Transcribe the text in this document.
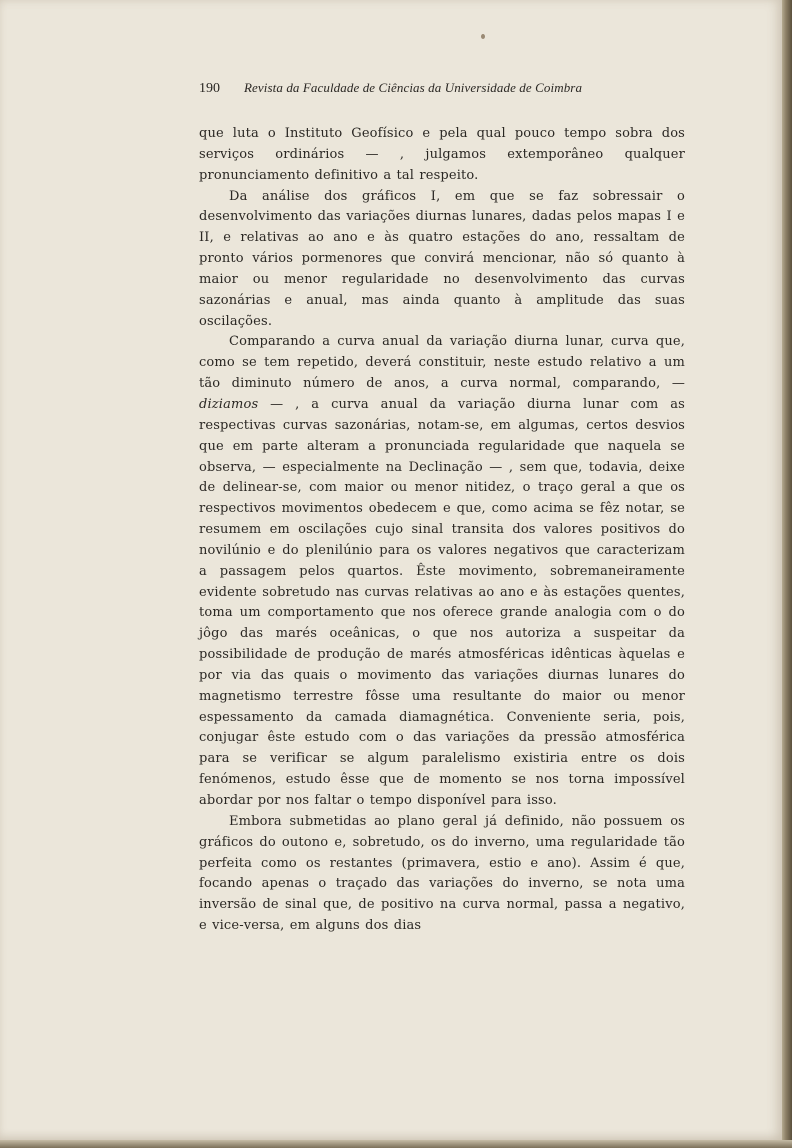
190 Revista da Faculdade de Ciências da Universidade de Coimbra

que luta o Instituto Geofísico e pela qual pouco tempo sobra dos serviços ordinários — , julgamos extemporâneo qualquer pronunciamento definitivo a tal respeito.

Da análise dos gráficos I, em que se faz sobressair o desenvolvimento das variações diurnas lunares, dadas pelos mapas I e II, e relativas ao ano e às quatro estações do ano, ressaltam de pronto vários pormenores que convirá mencionar, não só quanto à maior ou menor regularidade no desenvolvimento das curvas sazonárias e anual, mas ainda quanto à amplitude das suas oscilações.

Comparando a curva anual da variação diurna lunar, curva que, como se tem repetido, deverá constituir, neste estudo relativo a um tão diminuto número de anos, a curva normal, comparando, — diziamos — , a curva anual da variação diurna lunar com as respectivas curvas sazonárias, notam-se, em algumas, certos desvios que em parte alteram a pronunciada regularidade que naquela se observa, — especialmente na Declinação — , sem que, todavia, deixe de delinear-se, com maior ou menor nitidez, o traço geral a que os respectivos movimentos obedecem e que, como acima se fêz notar, se resumem em oscilações cujo sinal transita dos valores positivos do novilúnio e do plenilúnio para os valores negativos que caracterizam a passagem pelos quartos. Êste movimento, sobremaneiramente evidente sobretudo nas curvas relativas ao ano e às estações quentes, toma um comportamento que nos oferece grande analogia com o do jôgo das marés oceânicas, o que nos autoriza a suspeitar da possibilidade de produção de marés atmosféricas idênticas àquelas e por via das quais o movimento das variações diurnas lunares do magnetismo terrestre fôsse uma resultante do maior ou menor espessamento da camada diamagnética. Conveniente seria, pois, conjugar êste estudo com o das variações da pressão atmosférica para se verificar se algum paralelismo existiria entre os dois fenómenos, estudo êsse que de momento se nos torna impossível abordar por nos faltar o tempo disponível para isso.

Embora submetidas ao plano geral já definido, não possuem os gráficos do outono e, sobretudo, os do inverno, uma regularidade tão perfeita como os restantes (primavera, estio e ano). Assim é que, focando apenas o traçado das variações do inverno, se nota uma inversão de sinal que, de positivo na curva normal, passa a negativo, e vice-versa, em alguns dos dias
